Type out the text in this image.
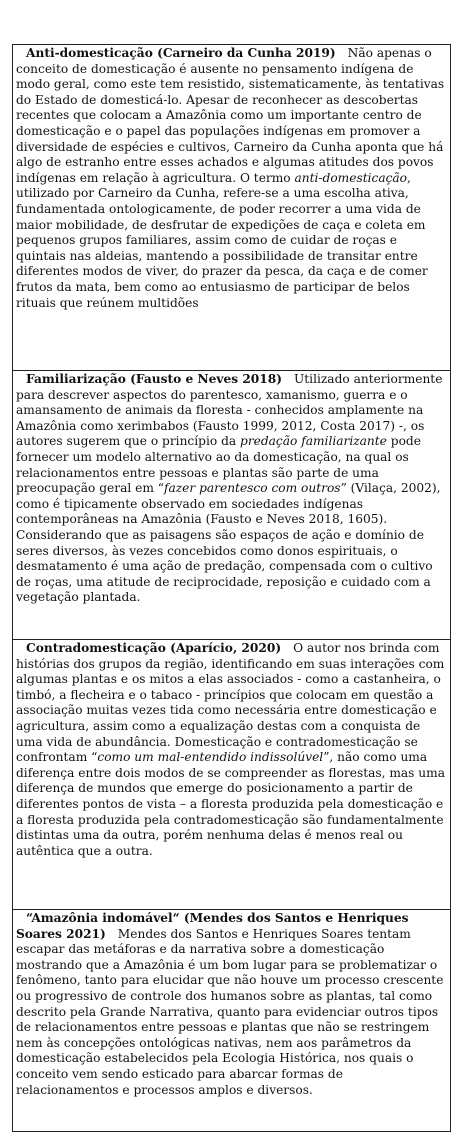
Anti-domesticação (Carneiro da Cunha 2019) Não apenas o conceito de domesticação é ausente no pensamento indígena de modo geral, como este tem resistido, sistematicamente, às tentativas do Estado de domesticá-lo. Apesar de reconhecer as descobertas recentes que colocam a Amazônia como um importante centro de domesticação e o papel das populações indígenas em promover a diversidade de espécies e cultivos, Carneiro da Cunha aponta que há algo de estranho entre esses achados e algumas atitudes dos povos indígenas em relação à agricultura. O termo anti-domesticação, utilizado por Carneiro da Cunha, refere-se a uma escolha ativa, fundamentada ontologicamente, de poder recorrer a uma vida de maior mobilidade, de desfrutar de expedições de caça e coleta em pequenos grupos familiares, assim como de cuidar de roças e quintais nas aldeias, mantendo a possibilidade de transitar entre diferentes modos de viver, do prazer da pesca, da caça e de comer frutos da mata, bem como ao entusiasmo de participar de belos rituais que reúnem multidões

Familiarização (Fausto e Neves 2018) Utilizado anteriormente para descrever aspectos do parentesco, xamanismo, guerra e o amansamento de animais da floresta - conhecidos amplamente na Amazônia como xerimbabos (Fausto 1999, 2012, Costa 2017) -, os autores sugerem que o princípio da predação familiarizante pode fornecer um modelo alternativo ao da domesticação, na qual os relacionamentos entre pessoas e plantas são parte de uma preocupação geral em “fazer parentesco com outros” (Vilaça, 2002), como é tipicamente observado em sociedades indígenas contemporâneas na Amazônia (Fausto e Neves 2018, 1605). Considerando que as paisagens são espaços de ação e domínio de seres diversos, às vezes concebidos como donos espirituais, o desmatamento é uma ação de predação, compensada com o cultivo de roças, uma atitude de reciprocidade, reposição e cuidado com a vegetação plantada.

Contradomesticação (Aparício, 2020) O autor nos brinda com histórias dos grupos da região, identificando em suas interações com algumas plantas e os mitos a elas associados - como a castanheira, o timbó, a flecheira e o tabaco - princípios que colocam em questão a associação muitas vezes tida como necessária entre domesticação e agricultura, assim como a equalização destas com a conquista de uma vida de abundância. Domesticação e contradomesticação se confrontam “como um mal-entendido indissolúvel”, não como uma diferença entre dois modos de se compreender as florestas, mas uma diferença de mundos que emerge do posicionamento a partir de diferentes pontos de vista – a floresta produzida pela domesticação e a floresta produzida pela contradomesticação são fundamentalmente distintas uma da outra, porém nenhuma delas é menos real ou autêntica que a outra.

“Amazônia indomável“ (Mendes dos Santos e Henriques Soares 2021) Mendes dos Santos e Henriques Soares tentam escapar das metáforas e da narrativa sobre a domesticação mostrando que a Amazônia é um bom lugar para se problematizar o fenômeno, tanto para elucidar que não houve um processo crescente ou progressivo de controle dos humanos sobre as plantas, tal como descrito pela Grande Narrativa, quanto para evidenciar outros tipos de relacionamentos entre pessoas e plantas que não se restringem nem às concepções ontológicas nativas, nem aos parâmetros da domesticação estabelecidos pela Ecologia Histórica, nos quais o conceito vem sendo esticado para abarcar formas de relacionamentos e processos amplos e diversos.
